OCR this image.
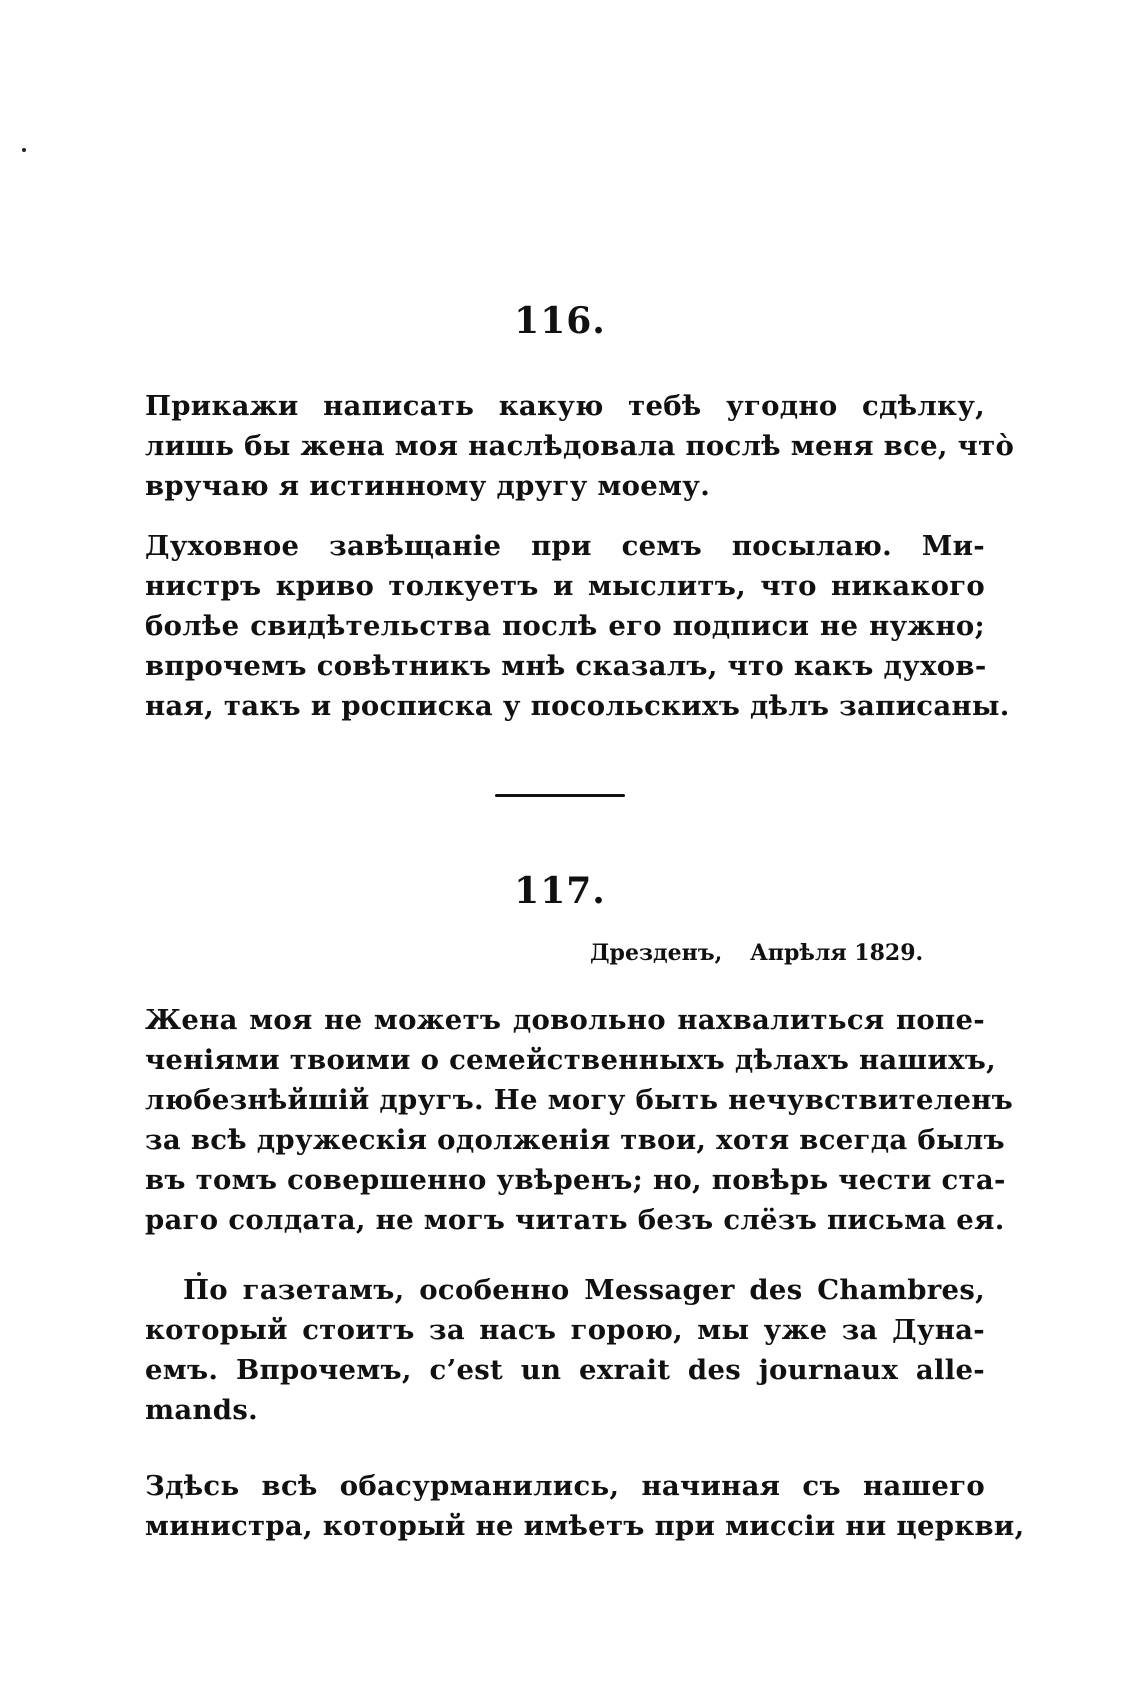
116.
Прикажи написать какую тебѣ угодно сдѣлку,
лишь бы жена моя наслѣдовала послѣ меня все, что̀
вручаю я истинному другу моему.
Духовное завѣщаніе при семъ посылаю. Ми-
нистръ криво толкуетъ и мыслитъ, что никакого
болѣе свидѣтельства послѣ его подписи не нужно;
впрочемъ совѣтникъ мнѣ сказалъ, что какъ духов-
ная, такъ и росписка у посольскихъ дѣлъ записаны.
117.
Дрезденъ, Апрѣля 1829.
Жена моя не можетъ довольно нахвалиться попе-
ченіями твоими о семейственныхъ дѣлахъ нашихъ,
любезнѣйшій другъ. Не могу быть нечувствителенъ
за всѣ дружескія одолженія твои, хотя всегда былъ
въ томъ совершенно увѣренъ; но, повѣрь чести ста-
раго солдата, не могъ читать безъ слёзъ письма ея.
По газетамъ, особенно Messager des Chambres,
который стоитъ за насъ горою, мы уже за Дуна-
емъ. Впрочемъ, c’est un exrait des journaux alle-
mands.
Здѣсь всѣ обасурманились, начиная съ нашего
министра, который не имѣетъ при миссіи ни церкви,
